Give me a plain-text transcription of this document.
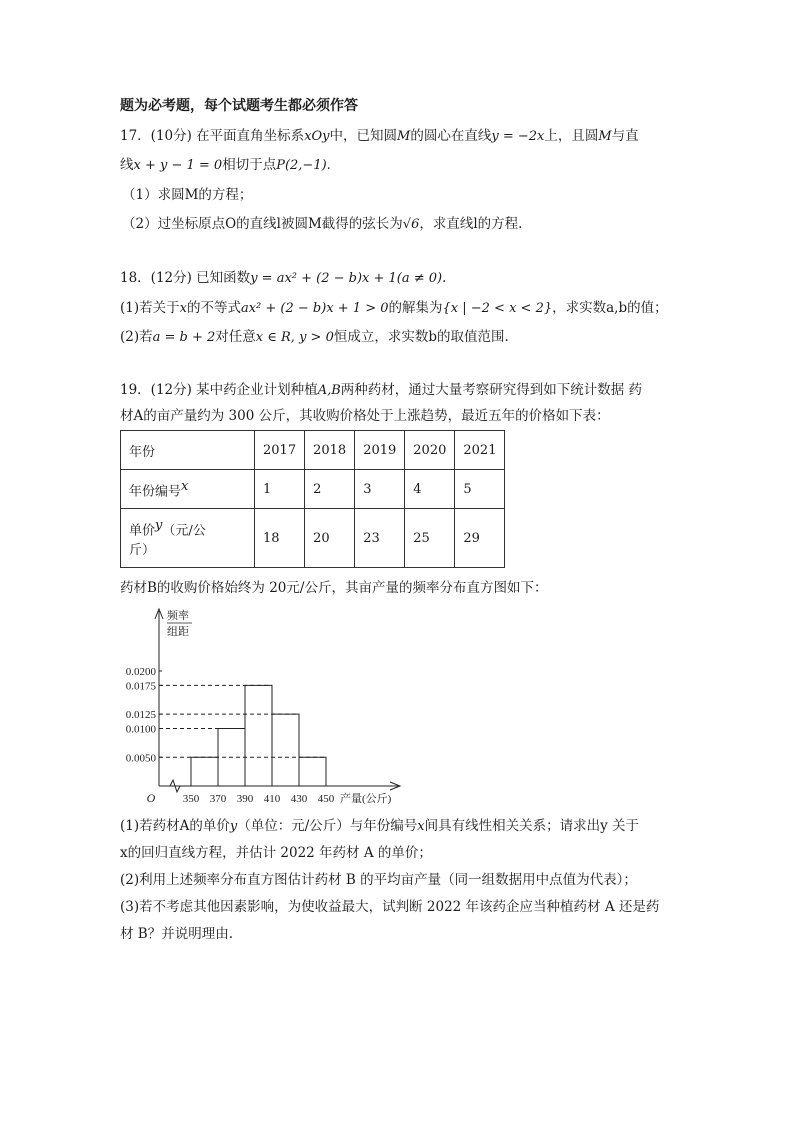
题为必考题，每个试题考生都必须作答
17．(10分) 在平面直角坐标系xOy中，已知圆M的圆心在直线y = −2x上，且圆M与直
线x + y − 1 = 0相切于点P(2,−1).
（1）求圆M的方程；
（2）过坐标原点O的直线l被圆M截得的弦长为√6，求直线l的方程.
18．(12分) 已知函数y = ax² + (2 − b)x + 1(a ≠ 0).
(1)若关于x的不等式ax² + (2 − b)x + 1 > 0的解集为{x | −2 < x < 2}，求实数a,b的值；
(2)若a = b + 2对任意x ∈ R, y > 0恒成立，求实数b的取值范围.
19．(12分) 某中药企业计划种植A,B两种药材，通过大量考察研究得到如下统计数据 药
材A的亩产量约为 300 公斤，其收购价格处于上涨趋势，最近五年的价格如下表：
年份	2017	2018	2019	2020	2021
年份编号$^x$	1	2	3	4	5
单价$^y$（元/公
斤）	18	20	23	25	29
药材B的收购价格始终为 20元/公斤，其亩产量的频率分布直方图如下：
频率
组距
0.0050
0.0100
0.0125
0.0175
0.0200
350 370 390 410 430 450
O	产量(公斤)
(1)若药材A的单价y（单位：元/公斤）与年份编号x间具有线性相关关系；请求出y 关于
x的回归直线方程，并估计 2022 年药材 A 的单价；
(2)利用上述频率分布直方图估计药材 B 的平均亩产量（同一组数据用中点值为代表）；
(3)若不考虑其他因素影响，为使收益最大，试判断 2022 年该药企应当种植药材 A 还是药
材 B？并说明理由.
